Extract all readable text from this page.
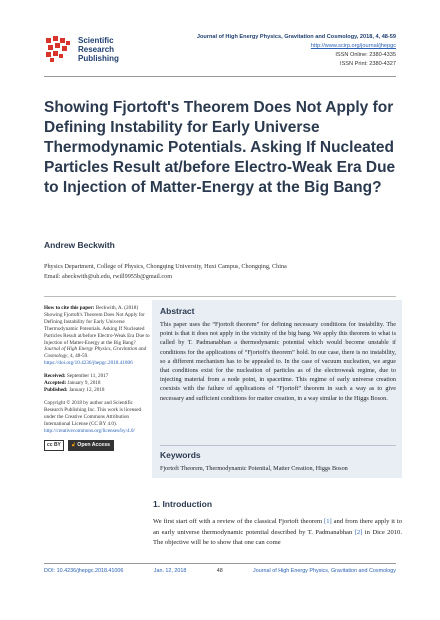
Scientific
Research
Publishing
Journal of High Energy Physics, Gravitation and Cosmology, 2018, 4, 48-59
http://www.scirp.org/journal/jhepgc
ISSN Online: 2380-4335
ISSN Print: 2380-4327
Showing Fjortoft's Theorem Does Not Apply for Defining Instability for Early Universe Thermodynamic Potentials. Asking If Nucleated Particles Result at/before Electro-Weak Era Due to Injection of Matter-Energy at the Big Bang?
Andrew Beckwith
Physics Department, College of Physics, Chongqing University, Huxi Campus, Chongqing, China
Email: abeckwith@uh.edu, rwill9955b@gmail.com

How to cite this paper: Beckwith, A. (2018) Showing Fjortoft's Theorem Does Not Apply for Defining Instability for Early Universe Thermodynamic Potentials. Asking If Nucleated Particles Result at/before Electro-Weak Era Due to Injection of Matter-Energy at the Big Bang? Journal of High Energy Physics, Gravitation and Cosmology, 4, 48-59. https://doi.org/10.4236/jhepgc.2018.41006

Received: September 11, 2017
Accepted: January 9, 2018
Published: January 12, 2018

Copyright © 2018 by author and Scientific Research Publishing Inc. This work is licensed under the Creative Commons Attribution International License (CC BY 4.0).
http://creativecommons.org/licenses/by/4.0/

cc BY	🔓︎ Open Access
Abstract
This paper uses the “Fjortoft theorem” for defining necessary conditions for instability. The point is that it does not apply in the vicinity of the big bang. We apply this theorem to what is called by T. Padmanabhan a thermodynamic potential which would become unstable if conditions for the applications of “Fjortoft's theorem” hold. In our case, there is no instability, so a different mechanism has to be appealed to. In the case of vacuum nucleation, we argue that conditions exist for the nucleation of particles as of the electroweak regime, due to injecting material from a node point, in spacetime. This regime of early universe creation coexists with the failure of applications of “Fjortoft” theorem in such a way as to give necessary and sufficient conditions for matter creation, in a way similar to the Higgs Boson.
Keywords
Fjortoft Theorem, Thermodynamic Potential, Matter Creation, Higgs Boson
1. Introduction
We first start off with a review of the classical Fjortoft theorem [1] and from there apply it to an early universe thermodynamic potential described by T. Padmanabhan [2] in Dice 2010. The objective will be to show that one can come
DOI: 10.4236/jhepgc.2018.41006	Jan. 12, 2018	48	Journal of High Energy Physics, Gravitation and Cosmology
